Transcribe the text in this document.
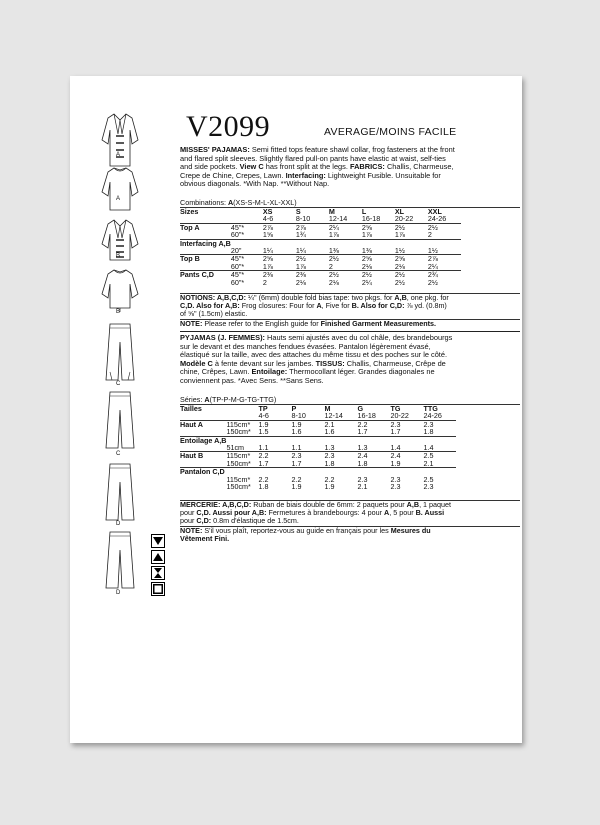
A
A
B
B
C
C
D
D
V2099	AVERAGE/MOINS FACILE
MISSES' PAJAMAS: Semi fitted tops feature shawl collar, frog fasteners at the front
and flared split sleeves. Slightly flared pull-on pants have elastic at waist, self-ties
and side pockets. View C has front split at the legs. FABRICS: Challis, Charmeuse,
Crepe de Chine, Crepes, Lawn. Interfacing: Lightweight Fusible. Unsuitable for
obvious diagonals. *With Nap. **Without Nap.
Combinations: A(XS-S-M-L-XL-XXL)
Sizes		XS	S	M	L	XL	XXL
		4-6	8-10	12-14	16-18	20-22	24-26
Top A	45"*	2⅞	2⅞	2¼	2⅝	2½	2½
	60"*	1⅝	1¾	1⅞	1⅞	1⅞	2
Interfacing A,B							
	20"	1¼	1¼	1⅜	1⅜	1½	1½
Top B	45"*	2⅝	2½	2½	2⅝	2⅝	2⅞
	60"*	1⅞	1⅞	2	2⅛	2⅛	2¼
Pants C,D	45"*	2⅜	2⅜	2½	2½	2½	2¾
	60"*	2	2⅛	2⅛	2¼	2½	2½
NOTIONS: A,B,C,D: ¼" (6mm) double fold bias tape: two pkgs. for A,B, one pkg. for
C,D. Also for A,B: Frog closures: Four for A, Five for B. Also for C,D: ⅞ yd. (0.8m)
of ⅝" (1.5cm) elastic.
NOTE: Please refer to the English guide for Finished Garment Measurements.
PYJAMAS (J. FEMMES): Hauts semi ajustés avec du col châle, des brandebourgs
sur le devant et des manches fendues évasées. Pantalon légèrement évasé,
élastiqué sur la taille, avec des attaches du même tissu et des poches sur le côté.
Modèle C à fente devant sur les jambes. TISSUS: Challis, Charmeuse, Crêpe de
chine, Crêpes, Lawn. Entoilage: Thermocollant léger. Grandes diagonales ne
conviennent pas. *Avec Sens. **Sans Sens.
Séries: A(TP-P-M-G-TG-TTG)
Tailles		TP	P	M	G	TG	TTG
		4-6	8-10	12-14	16-18	20-22	24-26
Haut A	115cm*	1.9	1.9	2.1	2.2	2.3	2.3
	150cm*	1.5	1.6	1.6	1.7	1.7	1.8
Entoilage A,B							
	51cm	1.1	1.1	1.3	1.3	1.4	1.4
Haut B	115cm*	2.2	2.3	2.3	2.4	2.4	2.5
	150cm*	1.7	1.7	1.8	1.8	1.9	2.1
Pantalon C,D							
	115cm*	2.2	2.2	2.2	2.3	2.3	2.5
	150cm*	1.8	1.9	1.9	2.1	2.3	2.3
MERCERIE: A,B,C,D: Ruban de biais double de 6mm: 2 paquets pour A,B, 1 paquet
pour C,D. Aussi pour A,B: Fermetures à brandebourgs: 4 pour A, 5 pour B. Aussi
pour C,D: 0.8m d'élastique de 1.5cm.
NOTE: S'il vous plaît, reportez-vous au guide en français pour les Mesures du
Vêtement Fini.
